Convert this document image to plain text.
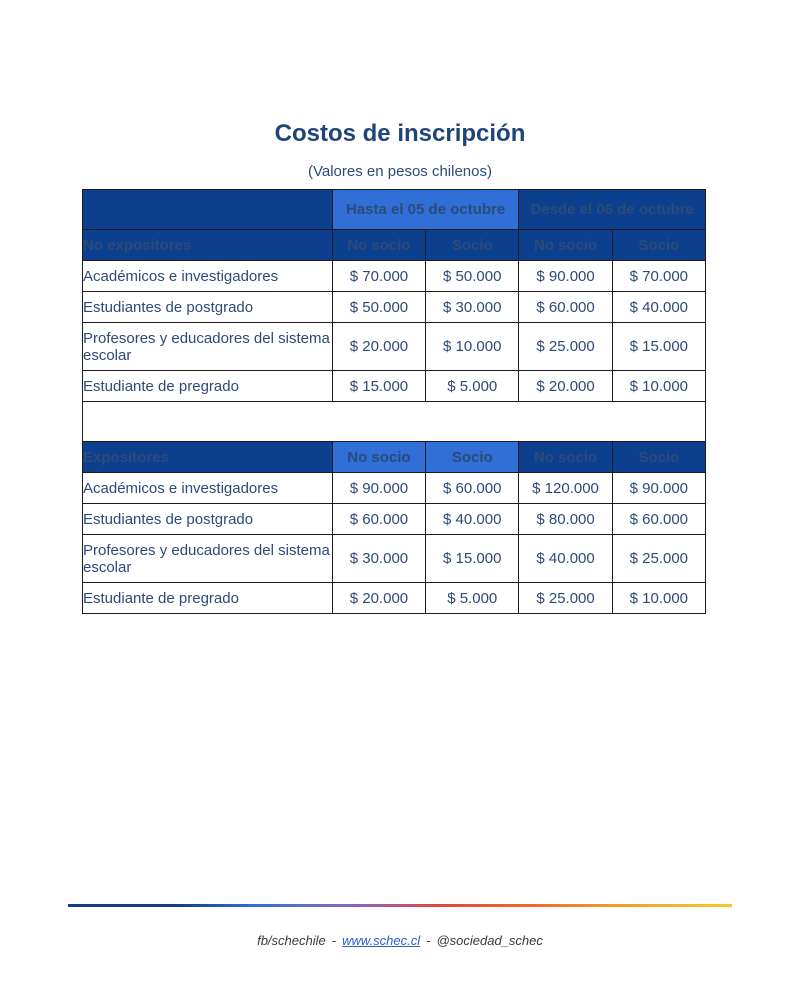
Costos de inscripción
(Valores en pesos chilenos)
	Hasta el 05 de octubre		Desde el 06 de octubre	
No expositores	No socio	Socio	No socio	Socio
Académicos e investigadores	$ 70.000	$ 50.000	$ 90.000	$ 70.000
Estudiantes de postgrado	$ 50.000	$ 30.000	$ 60.000	$ 40.000
Profesores y educadores del sistema escolar	$ 20.000	$ 10.000	$ 25.000	$ 15.000
Estudiante de pregrado	$ 15.000	$ 5.000	$ 20.000	$ 10.000

Expositores	No socio	Socio	No socio	Socio
Académicos e investigadores	$ 90.000	$ 60.000	$ 120.000	$ 90.000
Estudiantes de postgrado	$ 60.000	$ 40.000	$ 80.000	$ 60.000
Profesores y educadores del sistema escolar	$ 30.000	$ 15.000	$ 40.000	$ 25.000
Estudiante de pregrado	$ 20.000	$ 5.000	$ 25.000	$ 10.000
fb/schechile - www.schec.cl - @sociedad_schec
